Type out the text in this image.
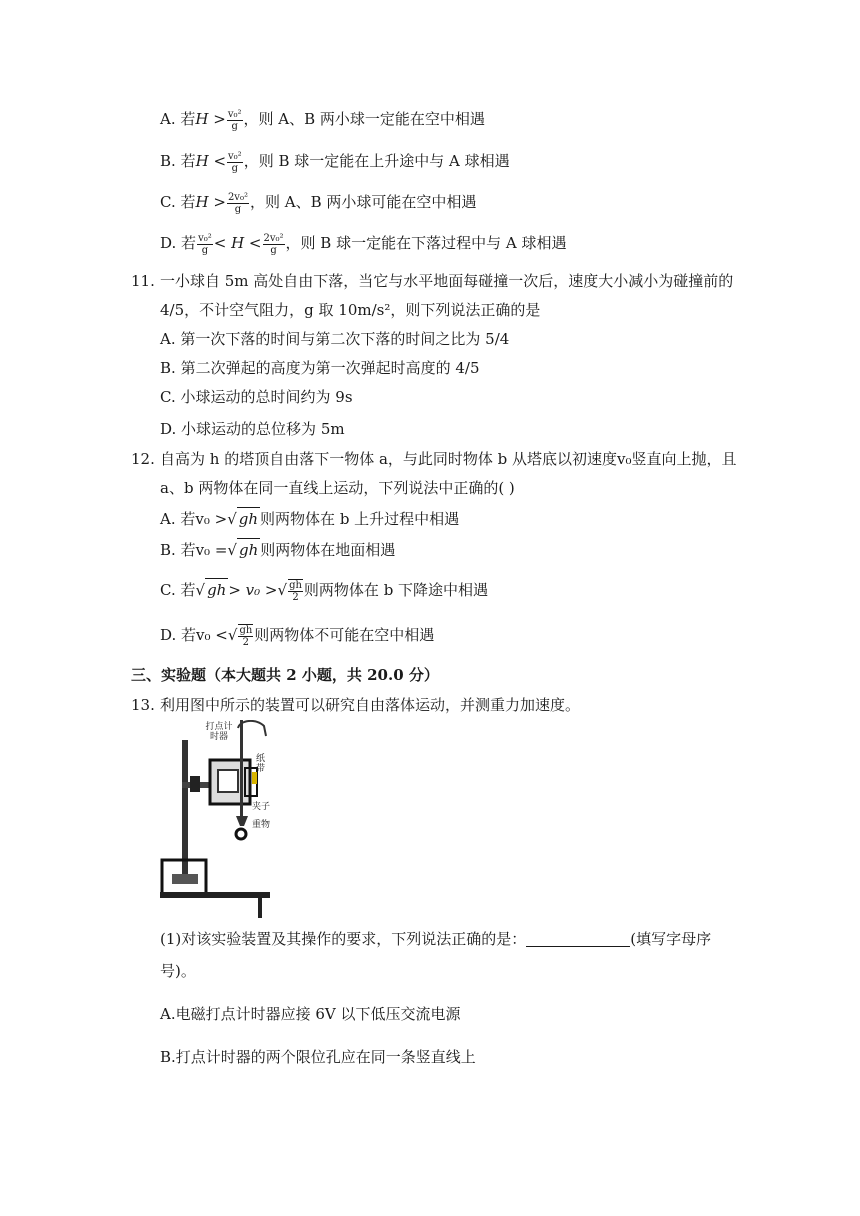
A. 若$H > \frac{\text{v₀²}}{g}$ ，则 A、B 两小球一定能在空中相遇
B. 若$H < \frac{\text{v₀²}}{g}$ ，则 B 球一定能在上升途中与 A 球相遇
C. 若$H > \frac{\text{2v₀²}}{g}$ ，则 A、B 两小球可能在空中相遇
D. 若 $\frac{\text{v₀²}}{g} < H < \frac{\text{2v₀²}}{g}$ ，则 B 球一定能在下落过程中与 A 球相遇
11. 一小球自 5m 高处自由下落，当它与水平地面每碰撞一次后，速度大小减小为碰撞前的
4/5，不计空气阻力，g 取 10m/s²，则下列说法正确的是
A. 第一次下落的时间与第二次下落的时间之比为 5/4
B. 第二次弹起的高度为第一次弹起时高度的 4/5
C. 小球运动的总时间约为 9s
D. 小球运动的总位移为 5m
12. 自高为 h 的塔顶自由落下一物体 a，与此同时物体 b 从塔底以初速度v₀竖直向上抛，且
a、b 两物体在同一直线上运动，下列说法中正确的( )
A. 若v₀ >√ gh 则两物体在 b 上升过程中相遇
B. 若v₀ =√ gh 则两物体在地面相遇
C. 若√ gh > v₀ >√ $\frac{gh}{2}$ 则两物体在 b 下降途中相遇
D. 若v₀ <√ $\frac{gh}{2}$ 则两物体不可能在空中相遇
三、实验题（本大题共 2 小题，共 20.0 分）
13. 利用图中所示的装置可以研究自由落体运动，并测重力加速度。
打点计时器
纸带
夹子
重物
(1)对该实验装置及其操作的要求，下列说法正确的是：	(填写字母序
号)。
A.电磁打点计时器应接 6V 以下低压交流电源
B.打点计时器的两个限位孔应在同一条竖直线上
